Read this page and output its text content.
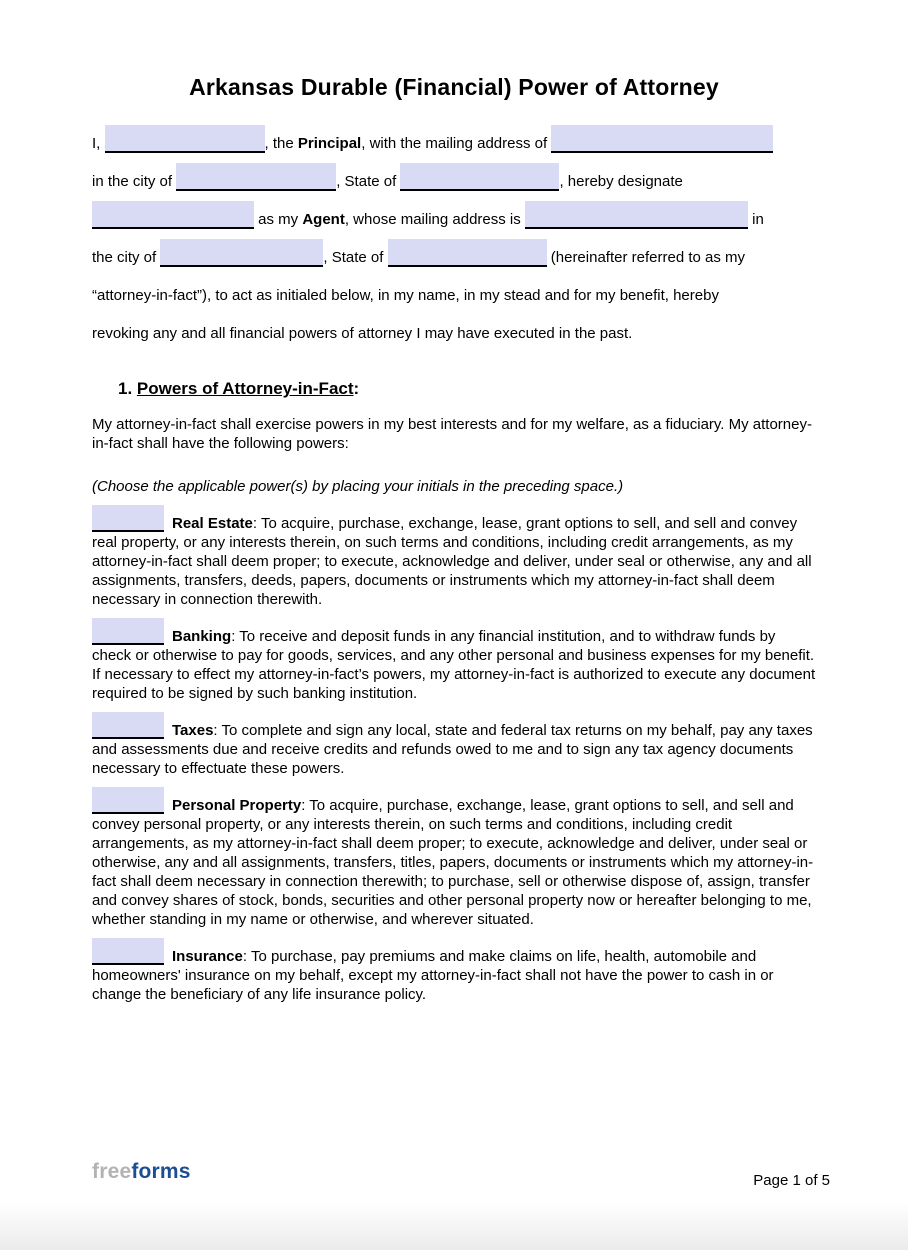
Arkansas Durable (Financial) Power of Attorney
I,	, the Principal, with the mailing address of
in the city of	, State of	, hereby designate
as my Agent, whose mailing address is	in
the city of	, State of	(hereinafter referred to as my
“attorney-in-fact”), to act as initialed below, in my name, in my stead and for my benefit, hereby
revoking any and all financial powers of attorney I may have executed in the past.
1. Powers of Attorney-in-Fact:

My attorney-in-fact shall exercise powers in my best interests and for my welfare, as a fiduciary. My attorney-in-fact shall have the following powers:

(Choose the applicable power(s) by placing your initials in the preceding space.)

Real Estate: To acquire, purchase, exchange, lease, grant options to sell, and sell and convey real property, or any interests therein, on such terms and conditions, including credit arrangements, as my attorney-in-fact shall deem proper; to execute, acknowledge and deliver, under seal or otherwise, any and all assignments, transfers, deeds, papers, documents or instruments which my attorney-in-fact shall deem necessary in connection therewith.

Banking: To receive and deposit funds in any financial institution, and to withdraw funds by check or otherwise to pay for goods, services, and any other personal and business expenses for my benefit. If necessary to effect my attorney-in-fact’s powers, my attorney-in-fact is authorized to execute any document required to be signed by such banking institution.

Taxes: To complete and sign any local, state and federal tax returns on my behalf, pay any taxes and assessments due and receive credits and refunds owed to me and to sign any tax agency documents necessary to effectuate these powers.

Personal Property: To acquire, purchase, exchange, lease, grant options to sell, and sell and convey personal property, or any interests therein, on such terms and conditions, including credit arrangements, as my attorney-in-fact shall deem proper; to execute, acknowledge and deliver, under seal or otherwise, any and all assignments, transfers, titles, papers, documents or instruments which my attorney-in-fact shall deem necessary in connection therewith; to purchase, sell or otherwise dispose of, assign, transfer and convey shares of stock, bonds, securities and other personal property now or hereafter belonging to me, whether standing in my name or otherwise, and wherever situated.

Insurance: To purchase, pay premiums and make claims on life, health, automobile and homeowners' insurance on my behalf, except my attorney-in-fact shall not have the power to cash in or change the beneficiary of any life insurance policy.

freeforms	Page 1 of 5
